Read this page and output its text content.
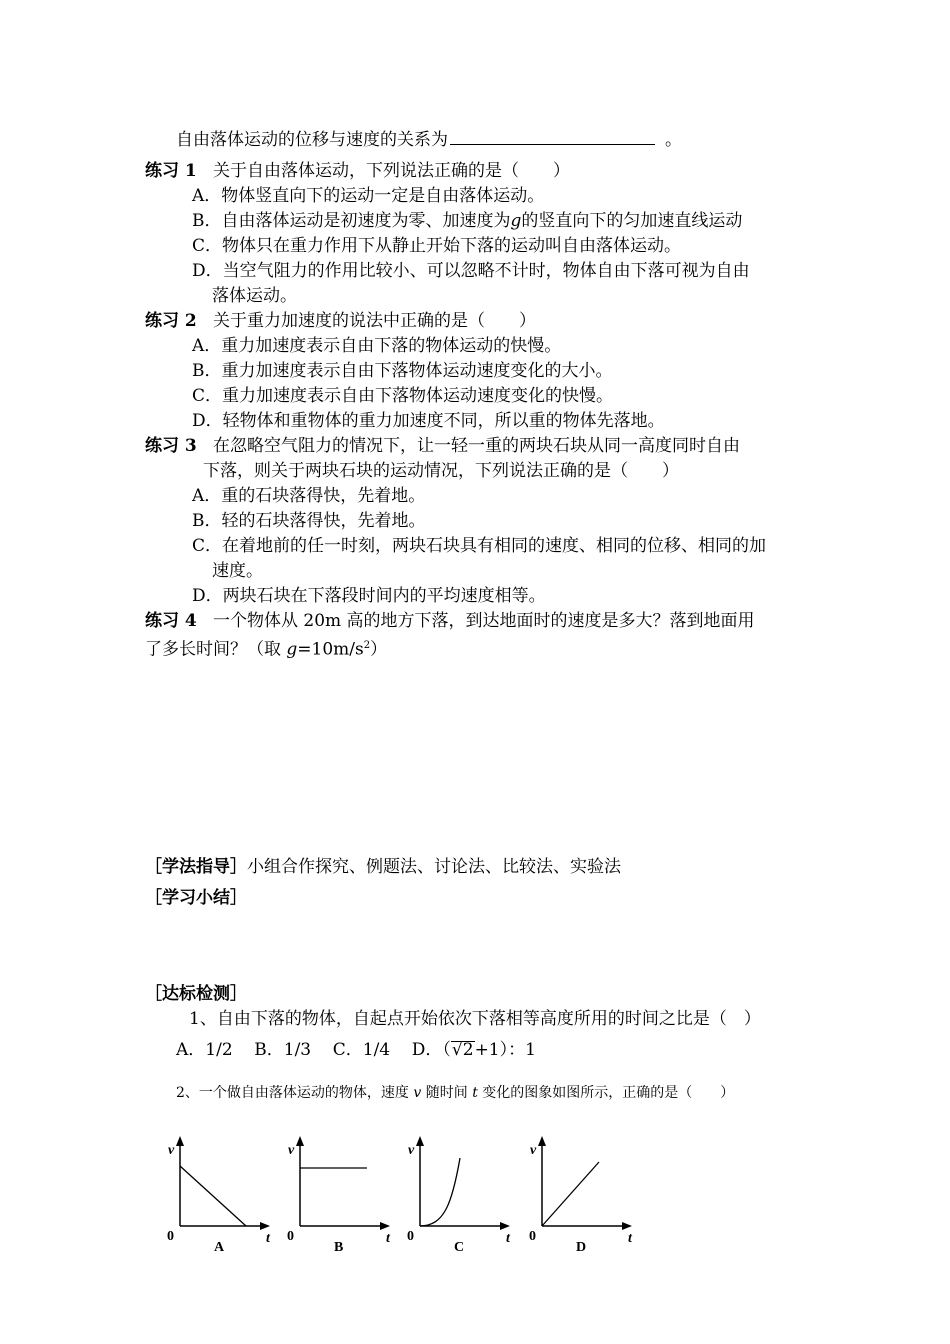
自由落体运动的位移与速度的关系为	。
练习 1 关于自由落体运动，下列说法正确的是（　　）
A．物体竖直向下的运动一定是自由落体运动。
B．自由落体运动是初速度为零、加速度为g的竖直向下的匀加速直线运动
C．物体只在重力作用下从静止开始下落的运动叫自由落体运动。
D．当空气阻力的作用比较小、可以忽略不计时，物体自由下落可视为自由
落体运动。
练习 2 关于重力加速度的说法中正确的是（　　）
A．重力加速度表示自由下落的物体运动的快慢。
B．重力加速度表示自由下落物体运动速度变化的大小。
C．重力加速度表示自由下落物体运动速度变化的快慢。
D．轻物体和重物体的重力加速度不同，所以重的物体先落地。
练习 3 在忽略空气阻力的情况下，让一轻一重的两块石块从同一高度同时自由
下落，则关于两块石块的运动情况，下列说法正确的是（　　）
A．重的石块落得快，先着地。
B．轻的石块落得快，先着地。
C．在着地前的任一时刻，两块石块具有相同的速度、相同的位移、相同的加
速度。
D．两块石块在下落段时间内的平均速度相等。
练习 4 一个物体从 20m 高的地方下落，到达地面时的速度是多大？落到地面用
了多长时间？（取 $g=10m/s^2$）
［学法指导］小组合作探究、例题法、讨论法、比较法、实验法
［学习小结］
［达标检测］
1、自由下落的物体，自起点开始依次下落相等高度所用的时间之比是（　）
A．1/2 B．1/3 C．1/4 D．（√2+1）：1
2、一个做自由落体运动的物体，速度 v 随时间 t 变化的图象如图所示，正确的是（　　）
v
0	t
A
v
0	t
B
v
0	t
C
v
0	t
D
